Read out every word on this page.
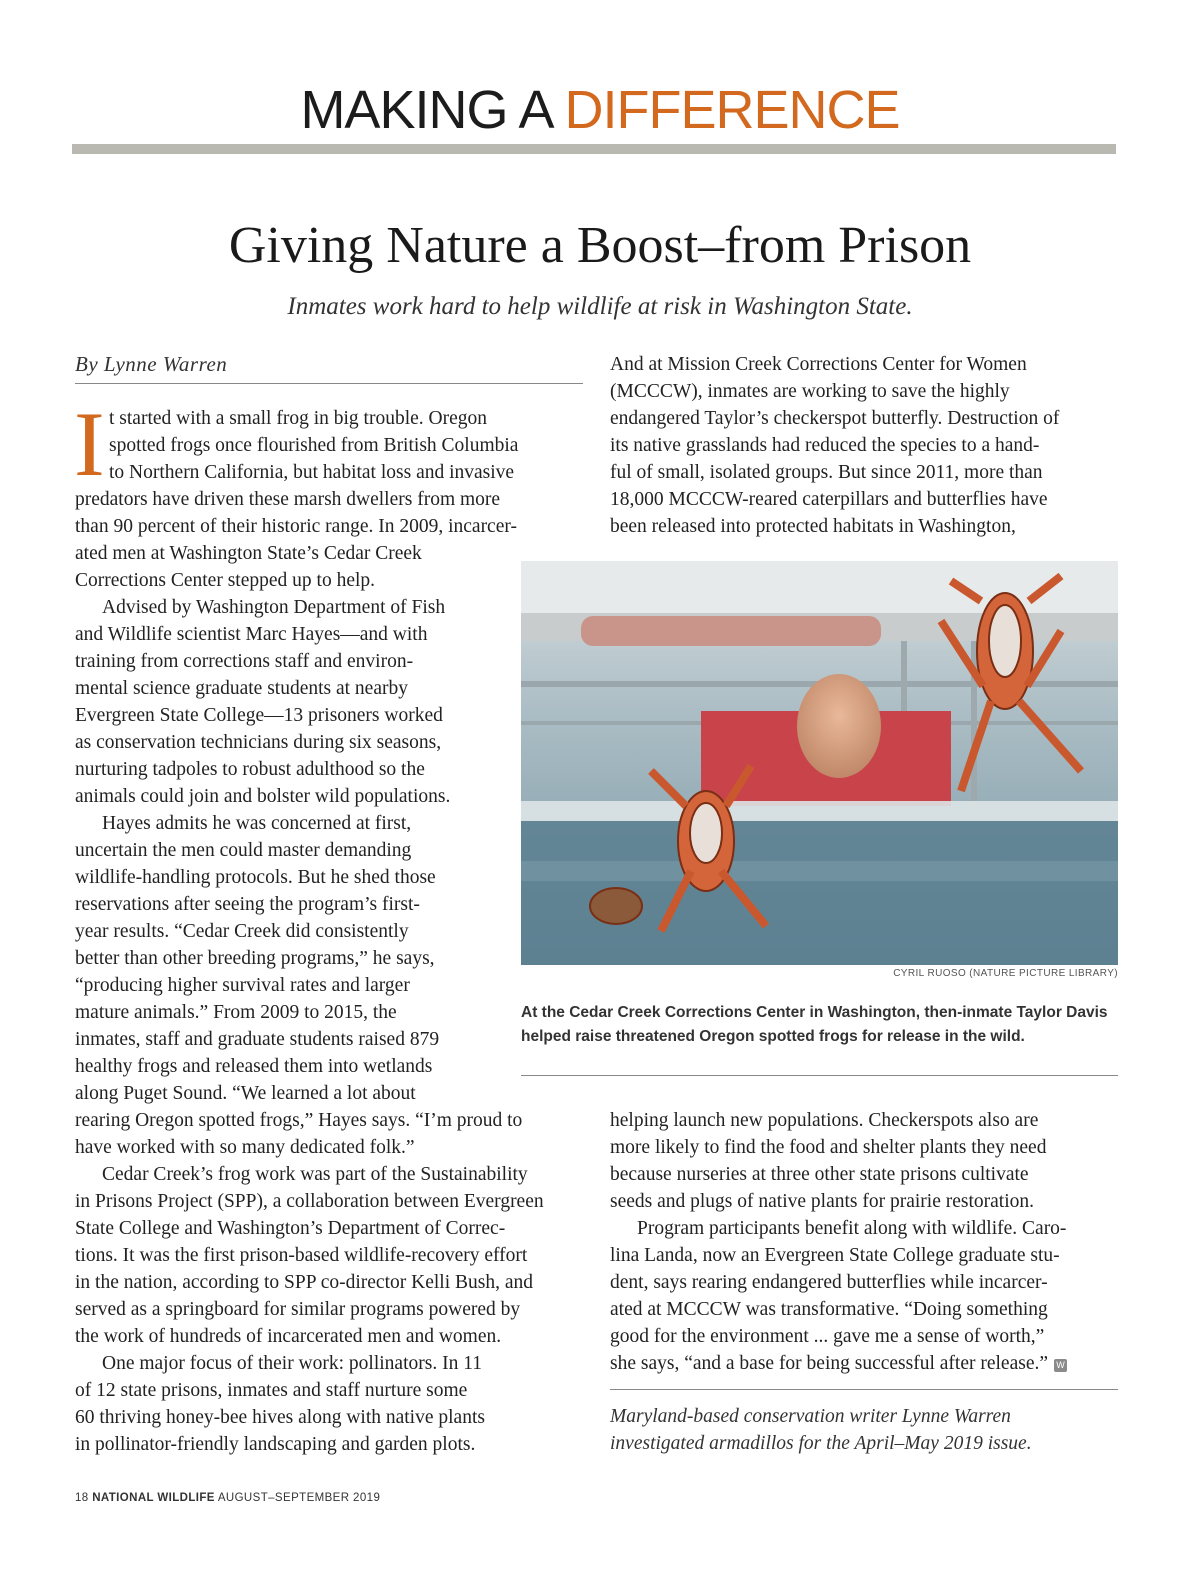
MAKING A DIFFERENCE
Giving Nature a Boost–from Prison
Inmates work hard to help wildlife at risk in Washington State.
By Lynne Warren
I t started with a small frog in big trouble. Oregon
spotted frogs once flourished from British Columbia
to Northern California, but habitat loss and invasive
predators have driven these marsh dwellers from more
than 90 percent of their historic range. In 2009, incarcer-
ated men at Washington State’s Cedar Creek
Corrections Center stepped up to help.
Advised by Washington Department of Fish
and Wildlife scientist Marc Hayes—and with
training from corrections staff and environ-
mental science graduate students at nearby
Evergreen State College—13 prisoners worked
as conservation technicians during six seasons,
nurturing tadpoles to robust adulthood so the
animals could join and bolster wild populations.
Hayes admits he was concerned at first,
uncertain the men could master demanding
wildlife-handling protocols. But he shed those
reservations after seeing the program’s first-
year results. “Cedar Creek did consistently
better than other breeding programs,” he says,
“producing higher survival rates and larger
mature animals.” From 2009 to 2015, the
inmates, staff and graduate students raised 879
healthy frogs and released them into wetlands
along Puget Sound. “We learned a lot about
rearing Oregon spotted frogs,” Hayes says. “I’m proud to
have worked with so many dedicated folk.”
Cedar Creek’s frog work was part of the Sustainability
in Prisons Project (SPP), a collaboration between Evergreen
State College and Washington’s Department of Correc-
tions. It was the first prison-based wildlife-recovery effort
in the nation, according to SPP co-director Kelli Bush, and
served as a springboard for similar programs powered by
the work of hundreds of incarcerated men and women.
One major focus of their work: pollinators. In 11
of 12 state prisons, inmates and staff nurture some
60 thriving honey-bee hives along with native plants
in pollinator-friendly landscaping and garden plots.
And at Mission Creek Corrections Center for Women
(MCCCW), inmates are working to save the highly
endangered Taylor’s checkerspot butterfly. Destruction of
its native grasslands had reduced the species to a hand-
ful of small, isolated groups. But since 2011, more than
18,000 MCCCW-reared caterpillars and butterflies have
been released into protected habitats in Washington,
CYRIL RUOSO (NATURE PICTURE LIBRARY)
At the Cedar Creek Corrections Center in Washington, then-inmate Taylor Davis helped raise threatened Oregon spotted frogs for release in the wild.
helping launch new populations. Checkerspots also are
more likely to find the food and shelter plants they need
because nurseries at three other state prisons cultivate
seeds and plugs of native plants for prairie restoration.
Program participants benefit along with wildlife. Caro-
lina Landa, now an Evergreen State College graduate stu-
dent, says rearing endangered butterflies while incarcer-
ated at MCCCW was transformative. “Doing something
good for the environment ... gave me a sense of worth,”
she says, “and a base for being successful after release.” W
Maryland-based conservation writer Lynne Warren
investigated armadillos for the April–May 2019 issue.
18 NATIONAL WILDLIFE AUGUST–SEPTEMBER 2019
